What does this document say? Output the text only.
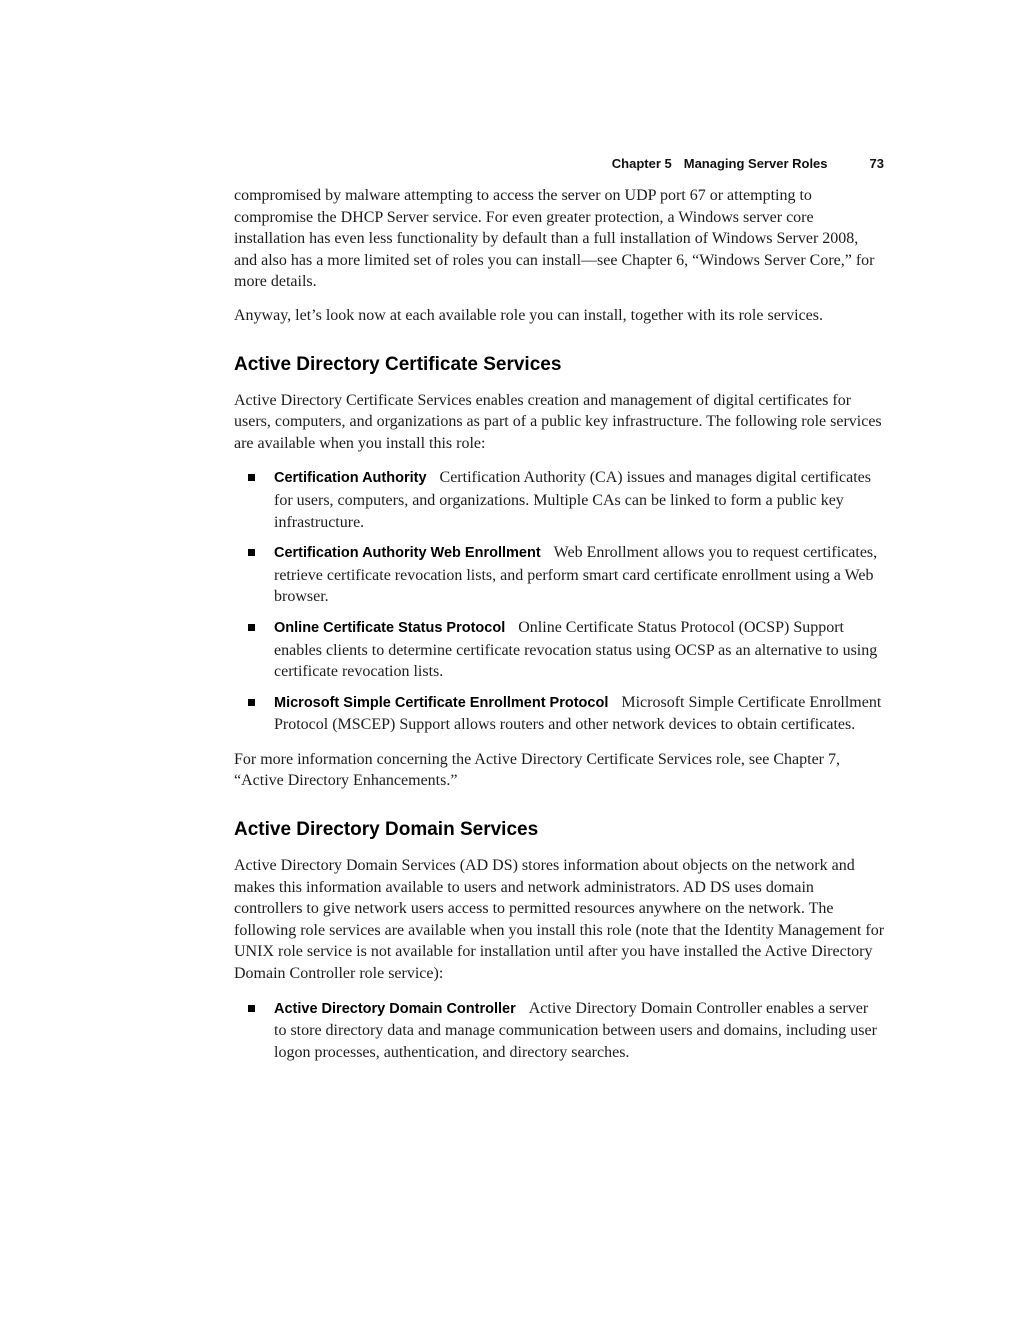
Chapter 5 Managing Server Roles	73

compromised by malware attempting to access the server on UDP port 67 or attempting to compromise the DHCP Server service. For even greater protection, a Windows server core installation has even less functionality by default than a full installation of Windows Server 2008, and also has a more limited set of roles you can install—see Chapter 6, “Windows Server Core,” for more details.

Anyway, let’s look now at each available role you can install, together with its role services.

Active Directory Certificate Services

Active Directory Certificate Services enables creation and management of digital certificates for users, computers, and organizations as part of a public key infrastructure. The following role services are available when you install this role:

Certification Authority Certification Authority (CA) issues and manages digital certificates for users, computers, and organizations. Multiple CAs can be linked to form a public key infrastructure.
Certification Authority Web Enrollment Web Enrollment allows you to request certificates, retrieve certificate revocation lists, and perform smart card certificate enrollment using a Web browser.
Online Certificate Status Protocol Online Certificate Status Protocol (OCSP) Support enables clients to determine certificate revocation status using OCSP as an alternative to using certificate revocation lists.
Microsoft Simple Certificate Enrollment Protocol Microsoft Simple Certificate Enrollment Protocol (MSCEP) Support allows routers and other network devices to obtain certificates.

For more information concerning the Active Directory Certificate Services role, see Chapter 7, “Active Directory Enhancements.”

Active Directory Domain Services

Active Directory Domain Services (AD DS) stores information about objects on the network and makes this information available to users and network administrators. AD DS uses domain controllers to give network users access to permitted resources anywhere on the network. The following role services are available when you install this role (note that the Identity Management for UNIX role service is not available for installation until after you have installed the Active Directory Domain Controller role service):

Active Directory Domain Controller Active Directory Domain Controller enables a server to store directory data and manage communication between users and domains, including user logon processes, authentication, and directory searches.
